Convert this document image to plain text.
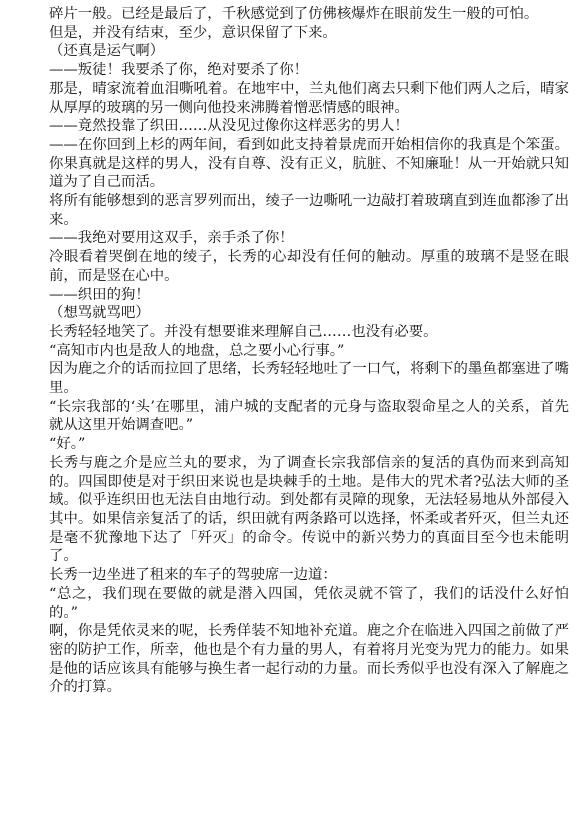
碎片一般。已经是最后了，千秋感觉到了仿佛核爆炸在眼前发生一般的可怕。

但是，并没有结束，至少，意识保留了下来。

（还真是运气啊）

——叛徒！我要杀了你，绝对要杀了你！

那是，晴家流着血泪嘶吼着。在地牢中，兰丸他们离去只剩下他们两人之后，晴家从厚厚的玻璃的另一侧向他投来沸腾着憎恶情感的眼神。

——竟然投靠了织田……从没见过像你这样恶劣的男人！

——在你回到上杉的两年间，看到如此支持着景虎而开始相信你的我真是个笨蛋。你果真就是这样的男人，没有自尊、没有正义，肮脏、不知廉耻！从一开始就只知道为了自己而活。

将所有能够想到的恶言罗列而出，绫子一边嘶吼一边敲打着玻璃直到连血都渗了出来。

——我绝对要用这双手，亲手杀了你！

冷眼看着哭倒在地的绫子，长秀的心却没有任何的触动。厚重的玻璃不是竖在眼前，而是竖在心中。

——织田的狗！

（想骂就骂吧）

长秀轻轻地笑了。并没有想要谁来理解自己……也没有必要。

“高知市内也是敌人的地盘，总之要小心行事。”

因为鹿之介的话而拉回了思绪，长秀轻轻地吐了一口气，将剩下的墨鱼都塞进了嘴里。

“长宗我部的‘头’在哪里，浦户城的支配者的元身与盗取裂命星之人的关系，首先就从这里开始调查吧。”

“好。”

长秀与鹿之介是应兰丸的要求，为了调查长宗我部信亲的复活的真伪而来到高知的。四国即使是对于织田来说也是块棘手的土地。是伟大的咒术者?弘法大师的圣域。似乎连织田也无法自由地行动。到处都有灵障的现象，无法轻易地从外部侵入其中。如果信亲复活了的话，织田就有两条路可以选择，怀柔或者歼灭，但兰丸还是毫不犹豫地下达了「歼灭」的命令。传说中的新兴势力的真面目至今也未能明了。

长秀一边坐进了租来的车子的驾驶席一边道：

“总之，我们现在要做的就是潜入四国，凭依灵就不管了，我们的话没什么好怕的。”

啊，你是凭依灵来的呢，长秀佯装不知地补充道。鹿之介在临进入四国之前做了严密的防护工作，所幸，他也是个有力量的男人，有着将月光变为咒力的能力。如果是他的话应该具有能够与换生者一起行动的力量。而长秀似乎也没有深入了解鹿之介的打算。
